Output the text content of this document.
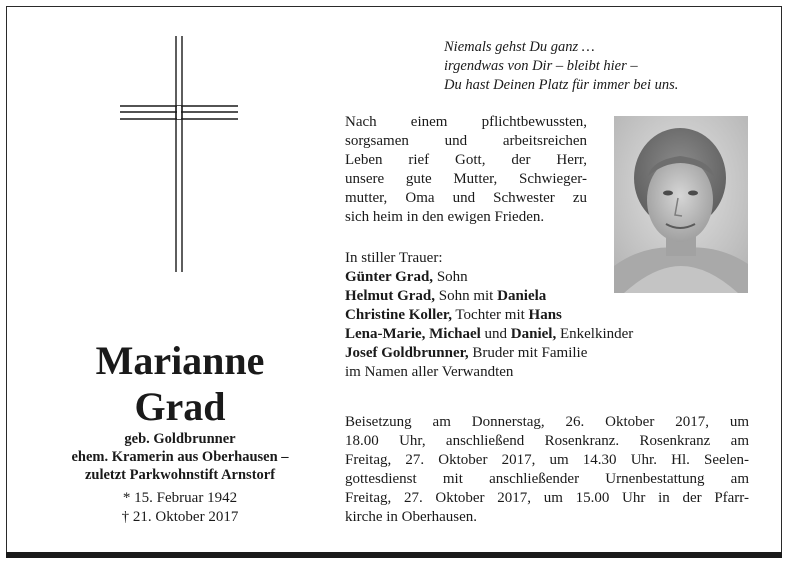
Marianne
Grad
geb. Goldbrunner
ehem. Kramerin aus Oberhausen –
zuletzt Parkwohnstift Arnstorf
* 15. Februar 1942
† 21. Oktober 2017
Niemals gehst Du ganz …
irgendwas von Dir – bleibt hier –
Du hast Deinen Platz für immer bei uns.
Nach einem pflichtbewussten,
sorgsamen und arbeitsreichen
Leben rief Gott, der Herr,
unsere gute Mutter, Schwieger-
mutter, Oma und Schwester zu
sich heim in den ewigen Frieden.
In stiller Trauer:
Günter Grad, Sohn
Helmut Grad, Sohn mit Daniela
Christine Koller, Tochter mit Hans
Lena-Marie, Michael und Daniel, Enkelkinder
Josef Goldbrunner, Bruder mit Familie
im Namen aller Verwandten
Beisetzung am Donnerstag, 26. Oktober 2017, um
18.00 Uhr, anschließend Rosenkranz. Rosenkranz am
Freitag, 27. Oktober 2017, um 14.30 Uhr. Hl. Seelen-
gottesdienst mit anschließender Urnenbestattung am
Freitag, 27. Oktober 2017, um 15.00 Uhr in der Pfarr-
kirche in Oberhausen.
